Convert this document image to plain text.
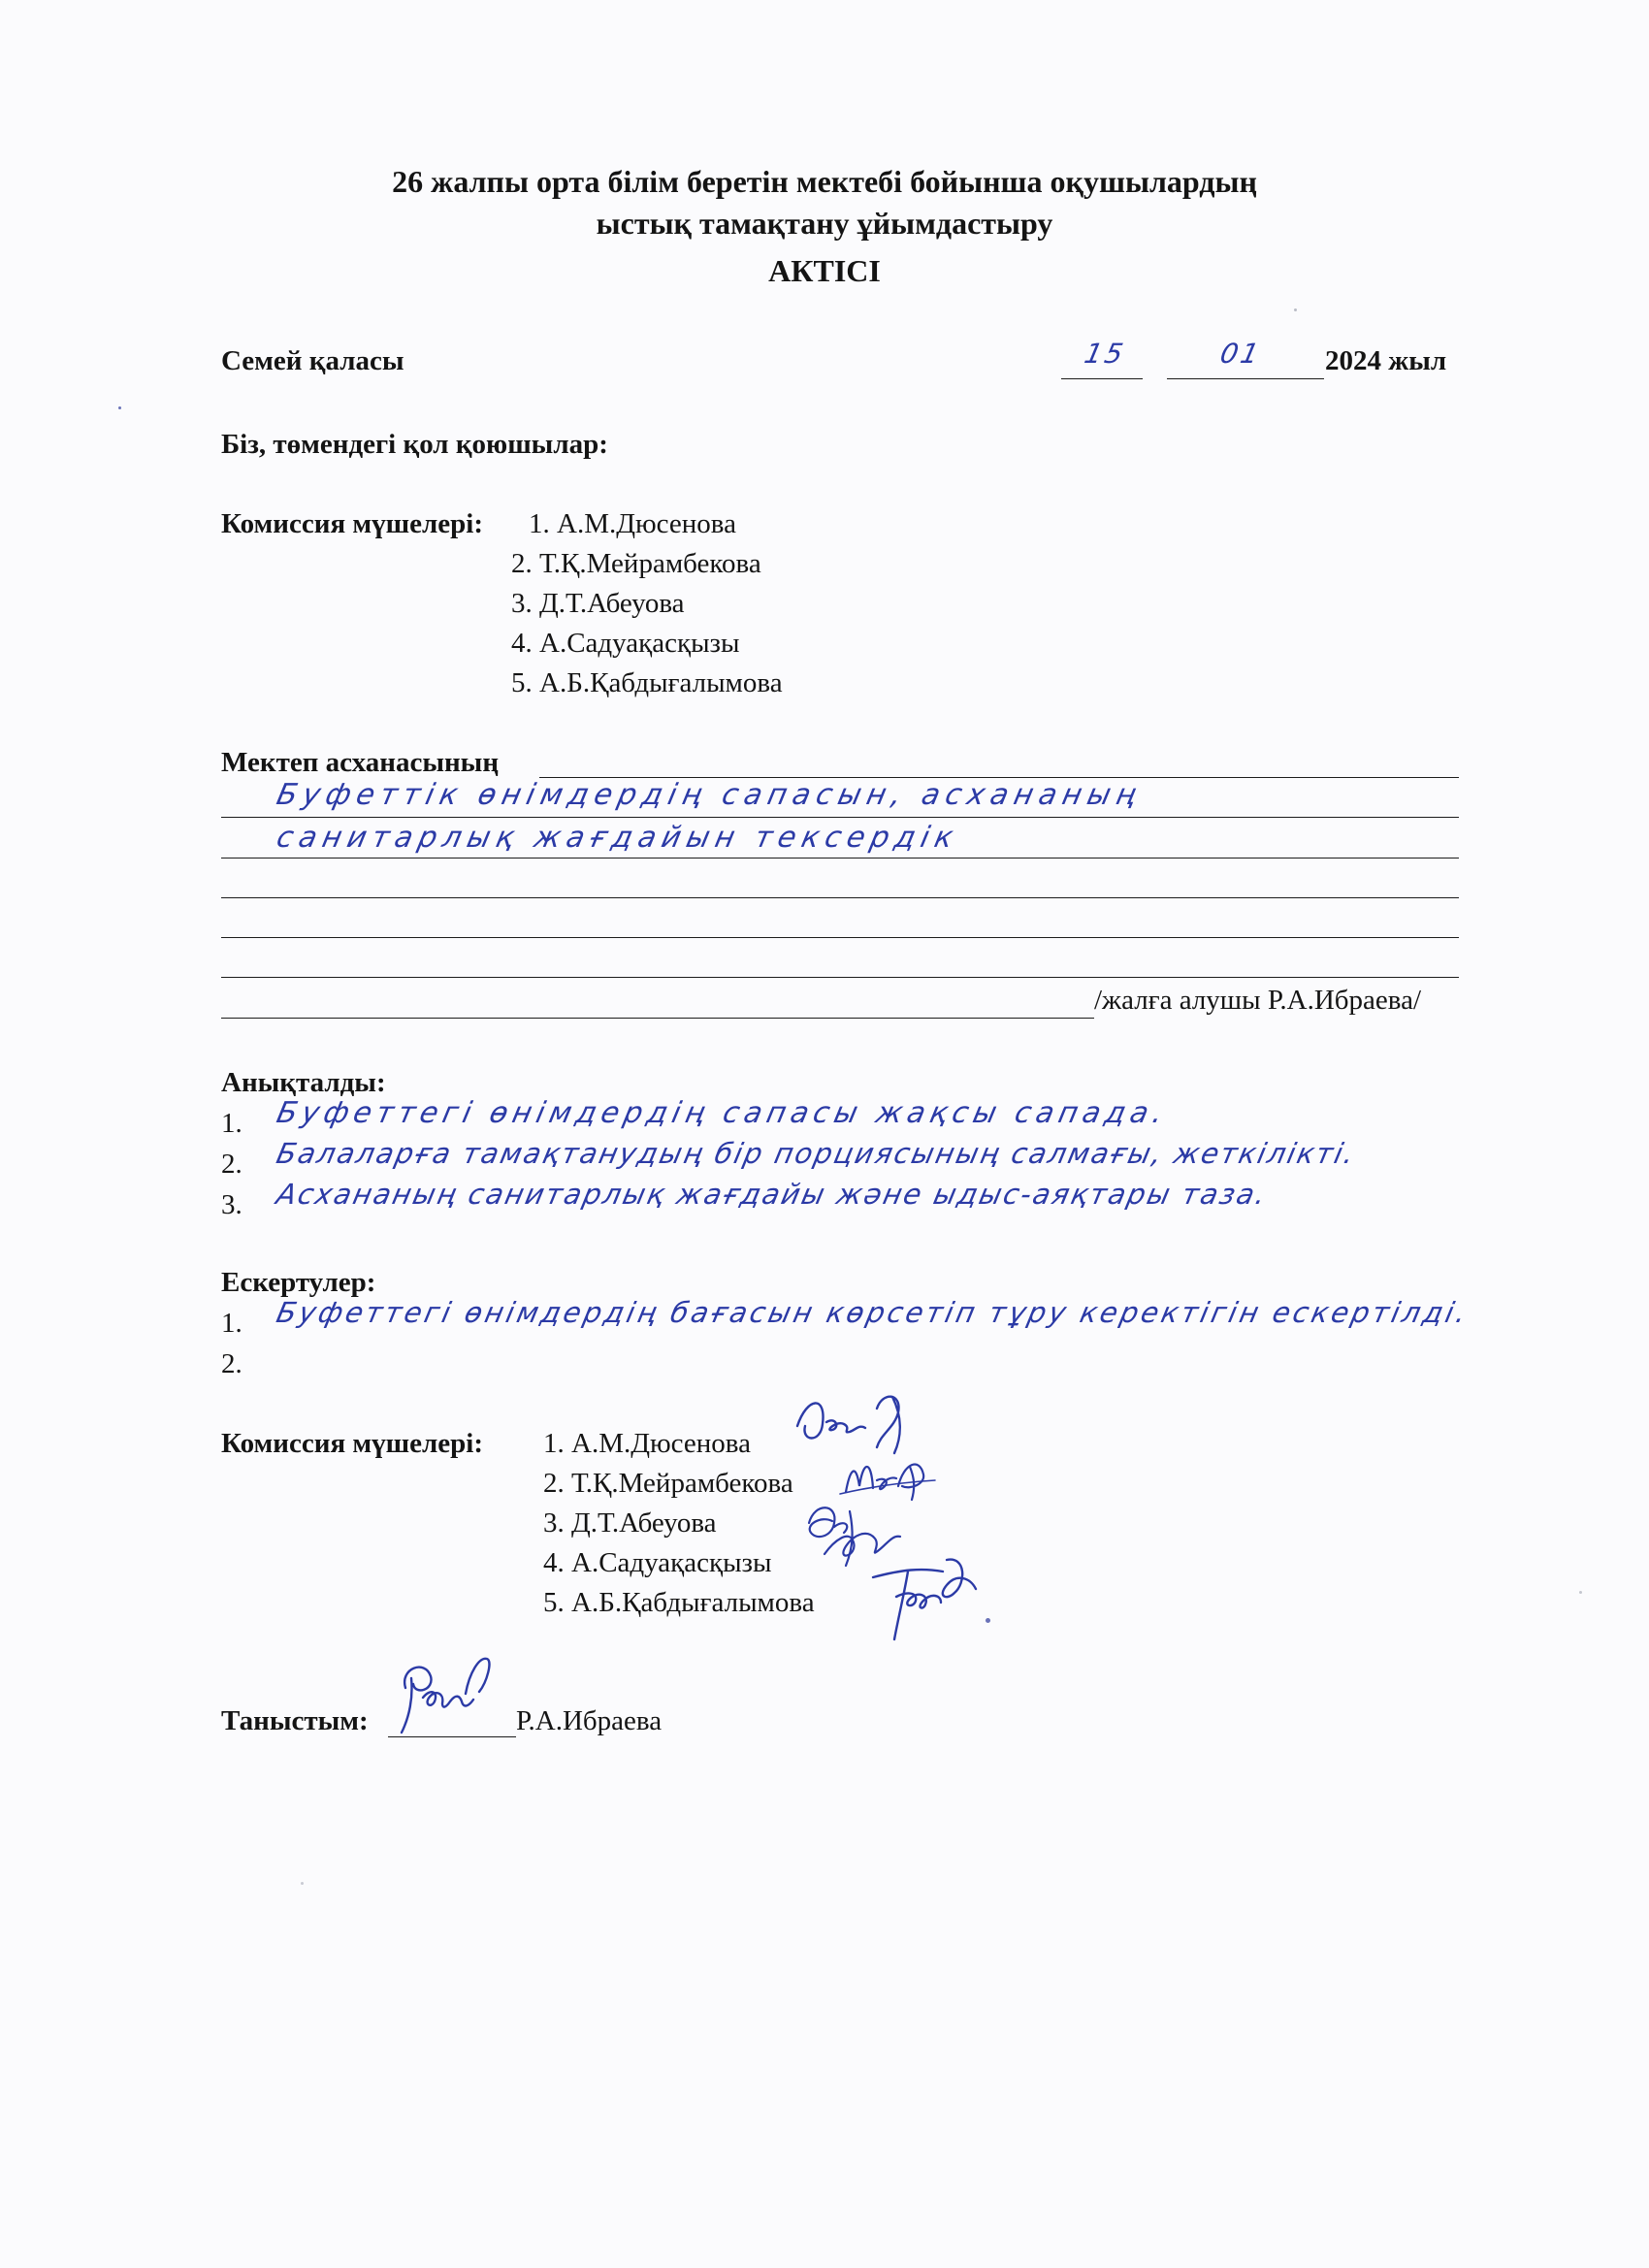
26 жалпы орта білім беретін мектебі бойынша оқушылардың
ыстық тамақтану ұйымдастыру
АКТІСІ
Семей қаласы	15	01 2024 жыл
Біз, төмендегі қол қоюшылар:
Комиссия мүшелері: 1. А.М.Дюсенова
2. Т.Қ.Мейрамбекова
3. Д.Т.Абеуова
4. А.Садуақасқызы
5. А.Б.Қабдығалымова
Мектеп асханасының
Буфеттік өнімдердің сапасын, асхананың
санитарлық жағдайын тексердік
/жалға алушы Р.А.Ибраева/
Анықталды:
1. Буфеттегі өнімдердің сапасы жақсы сапада.
2. Балаларға тамақтанудың бір порциясының салмағы, жеткілікті.
3. Асхананың санитарлық жағдайы және ыдыс-аяқтары таза.
Ескертулер:
1. Буфеттегі өнімдердің бағасын көрсетіп тұру керектігін ескертілді.
2.
Комиссия мүшелері: 1. А.М.Дюсенова
2. Т.Қ.Мейрамбекова
3. Д.Т.Абеуова
4. А.Садуақасқызы
5. А.Б.Қабдығалымова
Таныстым:	Р.А.Ибраева
